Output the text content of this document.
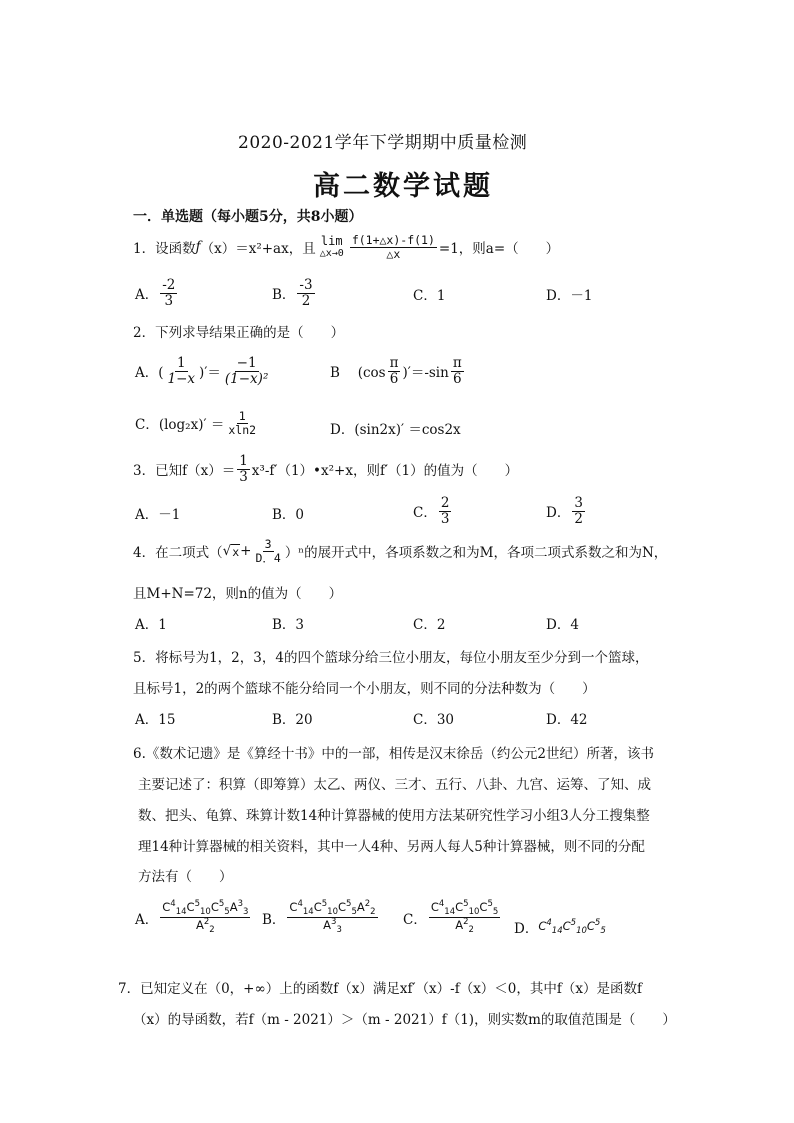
2020-2021学年下学期期中质量检测
高二数学试题
一．单选题（每小题5分，共8小题）
1．设函数 f （x）＝x²+ax，且
lim
△x→0 $\frac{f(1+\triangle x)-f(1)}{\triangle x} =1$，则a=（　　）
A． $\frac{-2}{3}$	B． $\frac{-3}{2}$	C．1	D．－1
2．下列求导结果正确的是（　　）
A．( $\frac{1}{1-x}$ )′＝ $\frac{-1}{\text{(1−x)²}}$	B　 $(\cos \frac{\pi}{6} )'=-\sin \frac{\pi}{6}$
C．$(\log_2x)' = \frac{1}{xln2}$	D．(sin2x)′ ＝cos2x
3．已知$f(x)= \frac{1}{3}$ x³-f′（1）•x²+x，则f′（1）的值为（　　）
A．－1	B．0	C． $\frac{2}{3}$	D． $\frac{3}{2}$
4．在二项式（ √ $x + \frac{3}{D.4} )^n$的展开式中，各项系数之和为M，各项二项式系数之和为N，
且M+N=72，则n的值为（　　）
A．1	B．3	C．2	D．4
5．将标号为1，2，3，4的四个篮球分给三位小朋友，每位小朋友至少分到一个篮球，
且标号1，2的两个篮球不能分给同一个小朋友，则不同的分法种数为（　　）
A．15	B．20	C．30	D．42
6.《数术记遗》是《算经十书》中的一部，相传是汉末徐岳（约公元2世纪）所著，该书
主要记述了：积算（即筹算）太乙、两仪、三才、五行、八卦、九宫、运筹、了知、成
数、把头、龟算、珠算计数14种计算器械的使用方法某研究性学习小组3人分工搜集整
理14种计算器械的相关资料，其中一人4种、另两人每人5种计算器械，则不同的分配
方法有（　　）
A． $\frac{C^4_{14}C^5_{10}C^5_5A^3_3}{A^2_2}$ B． $\frac{C^4_{14}C^5_{10}C^5_5A^2_2}{A^3_3}$ C． $\frac{C^4_{14}C^5_{10}C^5_5}{A^2_2}$ D． $C^4_{14}C^5_{10}C^5_5$
7．已知定义在（0，+∞）上的函数f（x）满足xf′（x）-f（x）＜0，其中f（x）是函数f
（x）的导函数，若f（m - 2021）＞（m - 2021）f（1)，则实数m的取值范围是（　　）
